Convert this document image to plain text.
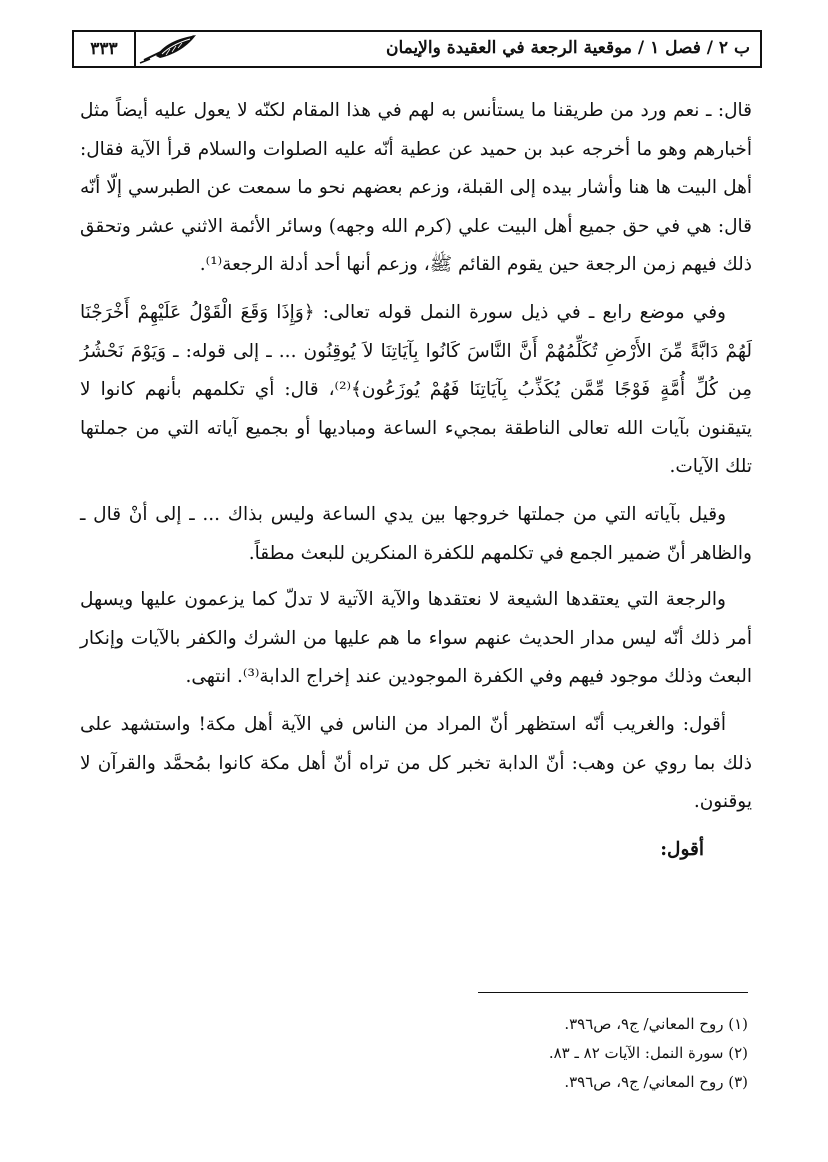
ب ٢ / فصل ١ / موقعية الرجعة في العقيدة والإيمان
٣٣٣

قال: ـ نعم ورد من طريقنا ما يستأنس به لهم في هذا المقام لكنّه لا يعول عليه أيضاً مثل أخبارهم وهو ما أخرجه عبد بن حميد عن عطية أنّه عليه الصلوات والسلام قرأ الآية فقال: أهل البيت ها هنا وأشار بيده إلى القبلة، وزعم بعضهم نحو ما سمعت عن الطبرسي إلّا أنّه قال: هي في حق جميع أهل البيت علي (كرم الله وجهه) وسائر الأئمة الاثني عشر وتحقق ذلك فيهم زمن الرجعة حين يقوم القائم ﷺ، وزعم أنها أحد أدلة الرجعة⁽¹⁾.

وفي موضع رابع ـ في ذيل سورة النمل قوله تعالى: ﴿وَإِذَا وَقَعَ الْقَوْلُ عَلَيْهِمْ أَخْرَجْنَا لَهُمْ دَابَّةً مِّنَ الأَرْضِ تُكَلِّمُهُمْ أَنَّ النَّاسَ كَانُوا بِآيَاتِنَا لاَ يُوقِنُون ... ـ إلى قوله: ـ وَيَوْمَ نَحْشُرُ مِن كُلِّ أُمَّةٍ فَوْجًا مِّمَّن يُكَذِّبُ بِآيَاتِنَا فَهُمْ يُوزَعُون﴾⁽²⁾، قال: أي تكلمهم بأنهم كانوا لا يتيقنون بآيات الله تعالى الناطقة بمجيء الساعة ومباديها أو بجميع آياته التي من جملتها تلك الآيات.

وقيل بآياته التي من جملتها خروجها بين يدي الساعة وليس بذاك ... ـ إلى أنْ قال ـ والظاهر أنّ ضمير الجمع في تكلمهم للكفرة المنكرين للبعث مطقاً.

والرجعة التي يعتقدها الشيعة لا نعتقدها والآية الآتية لا تدلّ كما يزعمون عليها ويسهل أمر ذلك أنّه ليس مدار الحديث عنهم سواء ما هم عليها من الشرك والكفر بالآيات وإنكار البعث وذلك موجود فيهم وفي الكفرة الموجودين عند إخراج الدابة⁽³⁾. انتهى.

أقول: والغريب أنّه استظهر أنّ المراد من الناس في الآية أهل مكة! واستشهد على ذلك بما روي عن وهب: أنّ الدابة تخبر كل من تراه أنّ أهل مكة كانوا بمُحمَّد والقرآن لا يوقنون.

أقول:

(١) روح المعاني/ ج٩، ص٣٩٦.

(٢) سورة النمل: الآيات ٨٢ ـ ٨٣.

(٣) روح المعاني/ ج٩، ص٣٩٦.
